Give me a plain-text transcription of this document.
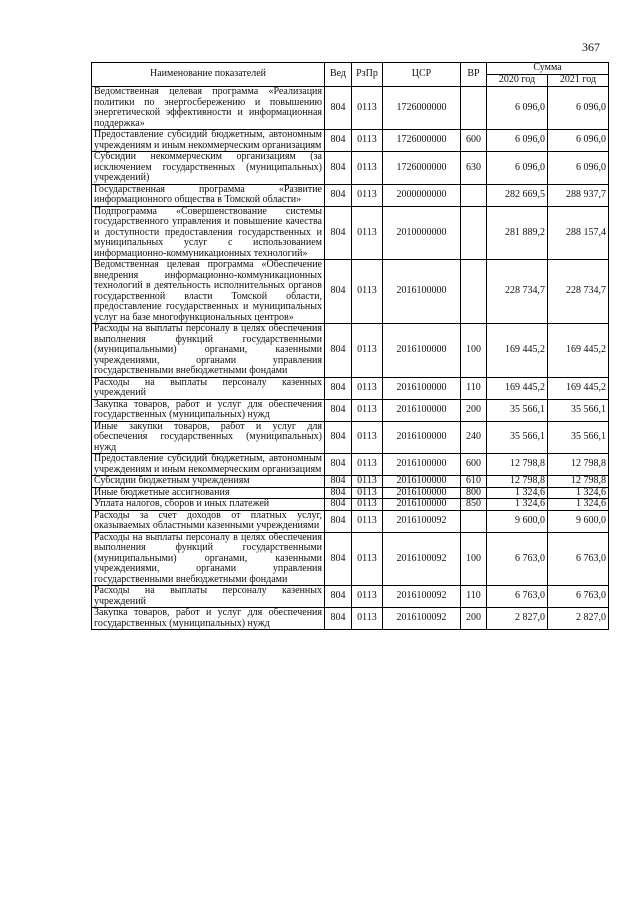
367
Наименование показателей	Вед	РзПр	ЦСР	ВР	Сумма	
					2020 год	2021 год
Ведомственная целевая программа «Реализация политики по энергосбережению и повышению энергетической эффективности и информационная поддержка»	804	0113	1726000000		6 096,0	6 096,0
Предоставление субсидий бюджетным, автономным учреждениям и иным некоммерческим организациям	804	0113	1726000000	600	6 096,0	6 096,0
Субсидии некоммерческим организациям (за исключением государственных (муниципальных) учреждений)	804	0113	1726000000	630	6 096,0	6 096,0
Государственная программа «Развитие информационного общества в Томской области»	804	0113	2000000000		282 669,5	288 937,7
Подпрограмма «Совершенствование системы государственного управления и повышение качества и доступности предоставления государственных и муниципальных услуг с использованием информационно-коммуникационных технологий»	804	0113	2010000000		281 889,2	288 157,4
Ведомственная целевая программа «Обеспечение внедрения информационно-коммуникационных технологий в деятельность исполнительных органов государственной власти Томской области, предоставление государственных и муниципальных услуг на базе многофункциональных центров»	804	0113	2016100000		228 734,7	228 734,7
Расходы на выплаты персоналу в целях обеспечения выполнения функций государственными (муниципальными) органами, казенными учреждениями, органами управления государственными внебюджетными фондами	804	0113	2016100000	100	169 445,2	169 445,2
Расходы на выплаты персоналу казенных учреждений	804	0113	2016100000	110	169 445,2	169 445,2
Закупка товаров, работ и услуг для обеспечения государственных (муниципальных) нужд	804	0113	2016100000	200	35 566,1	35 566,1
Иные закупки товаров, работ и услуг для обеспечения государственных (муниципальных) нужд	804	0113	2016100000	240	35 566,1	35 566,1
Предоставление субсидий бюджетным, автономным учреждениям и иным некоммерческим организациям	804	0113	2016100000	600	12 798,8	12 798,8
Субсидии бюджетным учреждениям	804	0113	2016100000	610	12 798,8	12 798,8
Иные бюджетные ассигнования	804	0113	2016100000	800	1 324,6	1 324,6
Уплата налогов, сборов и иных платежей	804	0113	2016100000	850	1 324,6	1 324,6
Расходы за счет доходов от платных услуг, оказываемых областными казенными учреждениями	804	0113	2016100092		9 600,0	9 600,0
Расходы на выплаты персоналу в целях обеспечения выполнения функций государственными (муниципальными) органами, казенными учреждениями, органами управления государственными внебюджетными фондами	804	0113	2016100092	100	6 763,0	6 763,0
Расходы на выплаты персоналу казенных учреждений	804	0113	2016100092	110	6 763,0	6 763,0
Закупка товаров, работ и услуг для обеспечения государственных (муниципальных) нужд	804	0113	2016100092	200	2 827,0	2 827,0
